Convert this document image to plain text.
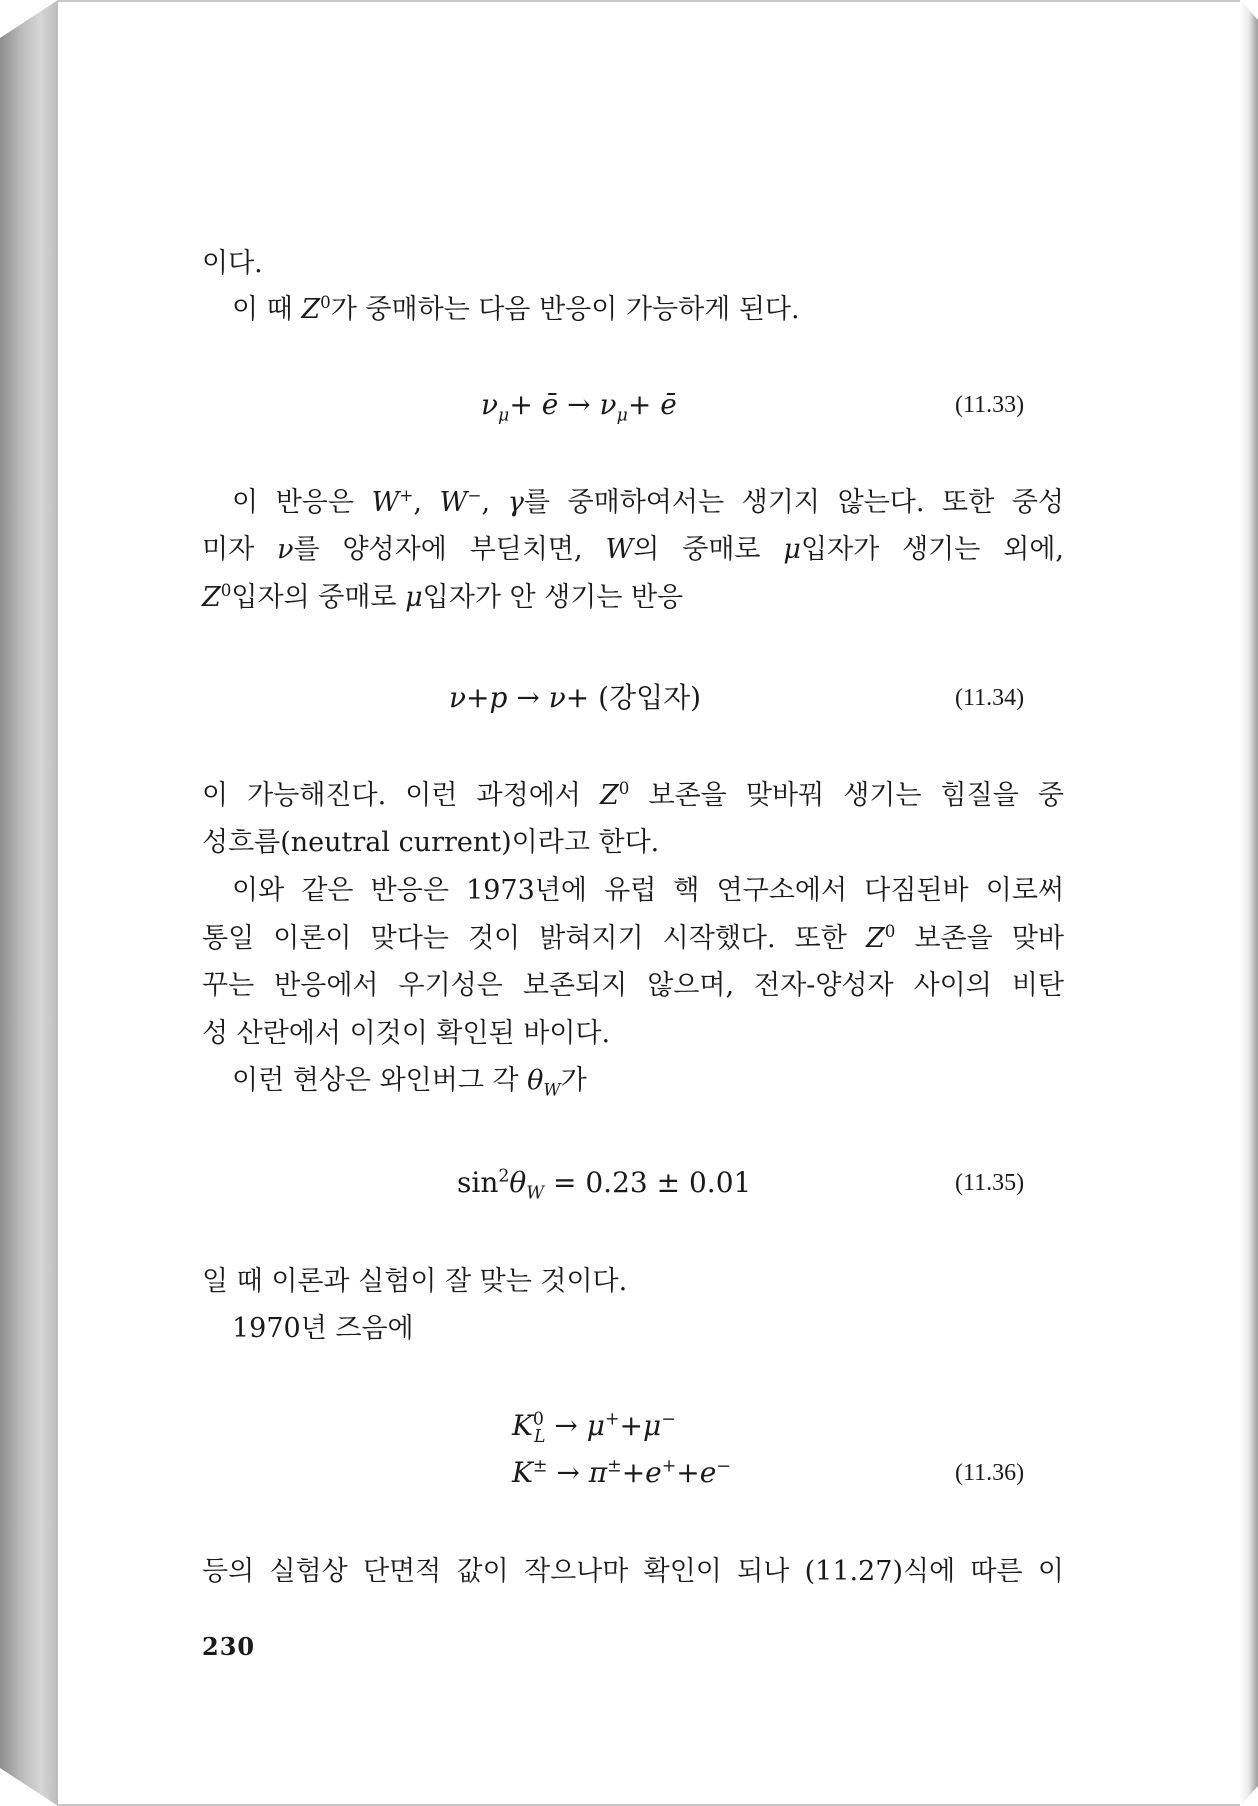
이다.
이 때 $Z^0$가 중매하는 다음 반응이 가능하게 된다.
$\nu_\mu+$ ē → $\nu_\mu+$ ē	(11.33)
이 반응은 W+, W−, γ를 중매하여서는 생기지 않는다. 또한 중성
미자 ν를 양성자에 부딛치면, W의 중매로 μ입자가 생기는 외에,
$Z^0$입자의 중매로 μ입자가 안 생기는 반응
ν+p → ν+ (강입자)	(11.34)
이 가능해진다. 이런 과정에서 $Z^0$ 보존을 맞바꿔 생기는 힘질을 중
성흐름(neutral current)이라고 한다.
이와 같은 반응은 1973년에 유럽 핵 연구소에서 다짐된바 이로써
통일 이론이 맞다는 것이 밝혀지기 시작했다. 또한 $Z^0$ 보존을 맞바
꾸는 반응에서 우기성은 보존되지 않으며, 전자-양성자 사이의 비탄
성 산란에서 이것이 확인된 바이다.
이런 현상은 와인버그 각 $\theta_W$가
$\sin^2\theta_W = 0.23 \pm 0.01$	(11.35)
일 때 이론과 실험이 잘 맞는 것이다.
1970년 즈음에
$K^0_L \to \mu^++\mu^-$
K± → π±+e++e−	(11.36)
등의 실험상 단면적 값이 작으나마 확인이 되나 (11.27)식에 따른 이
230
